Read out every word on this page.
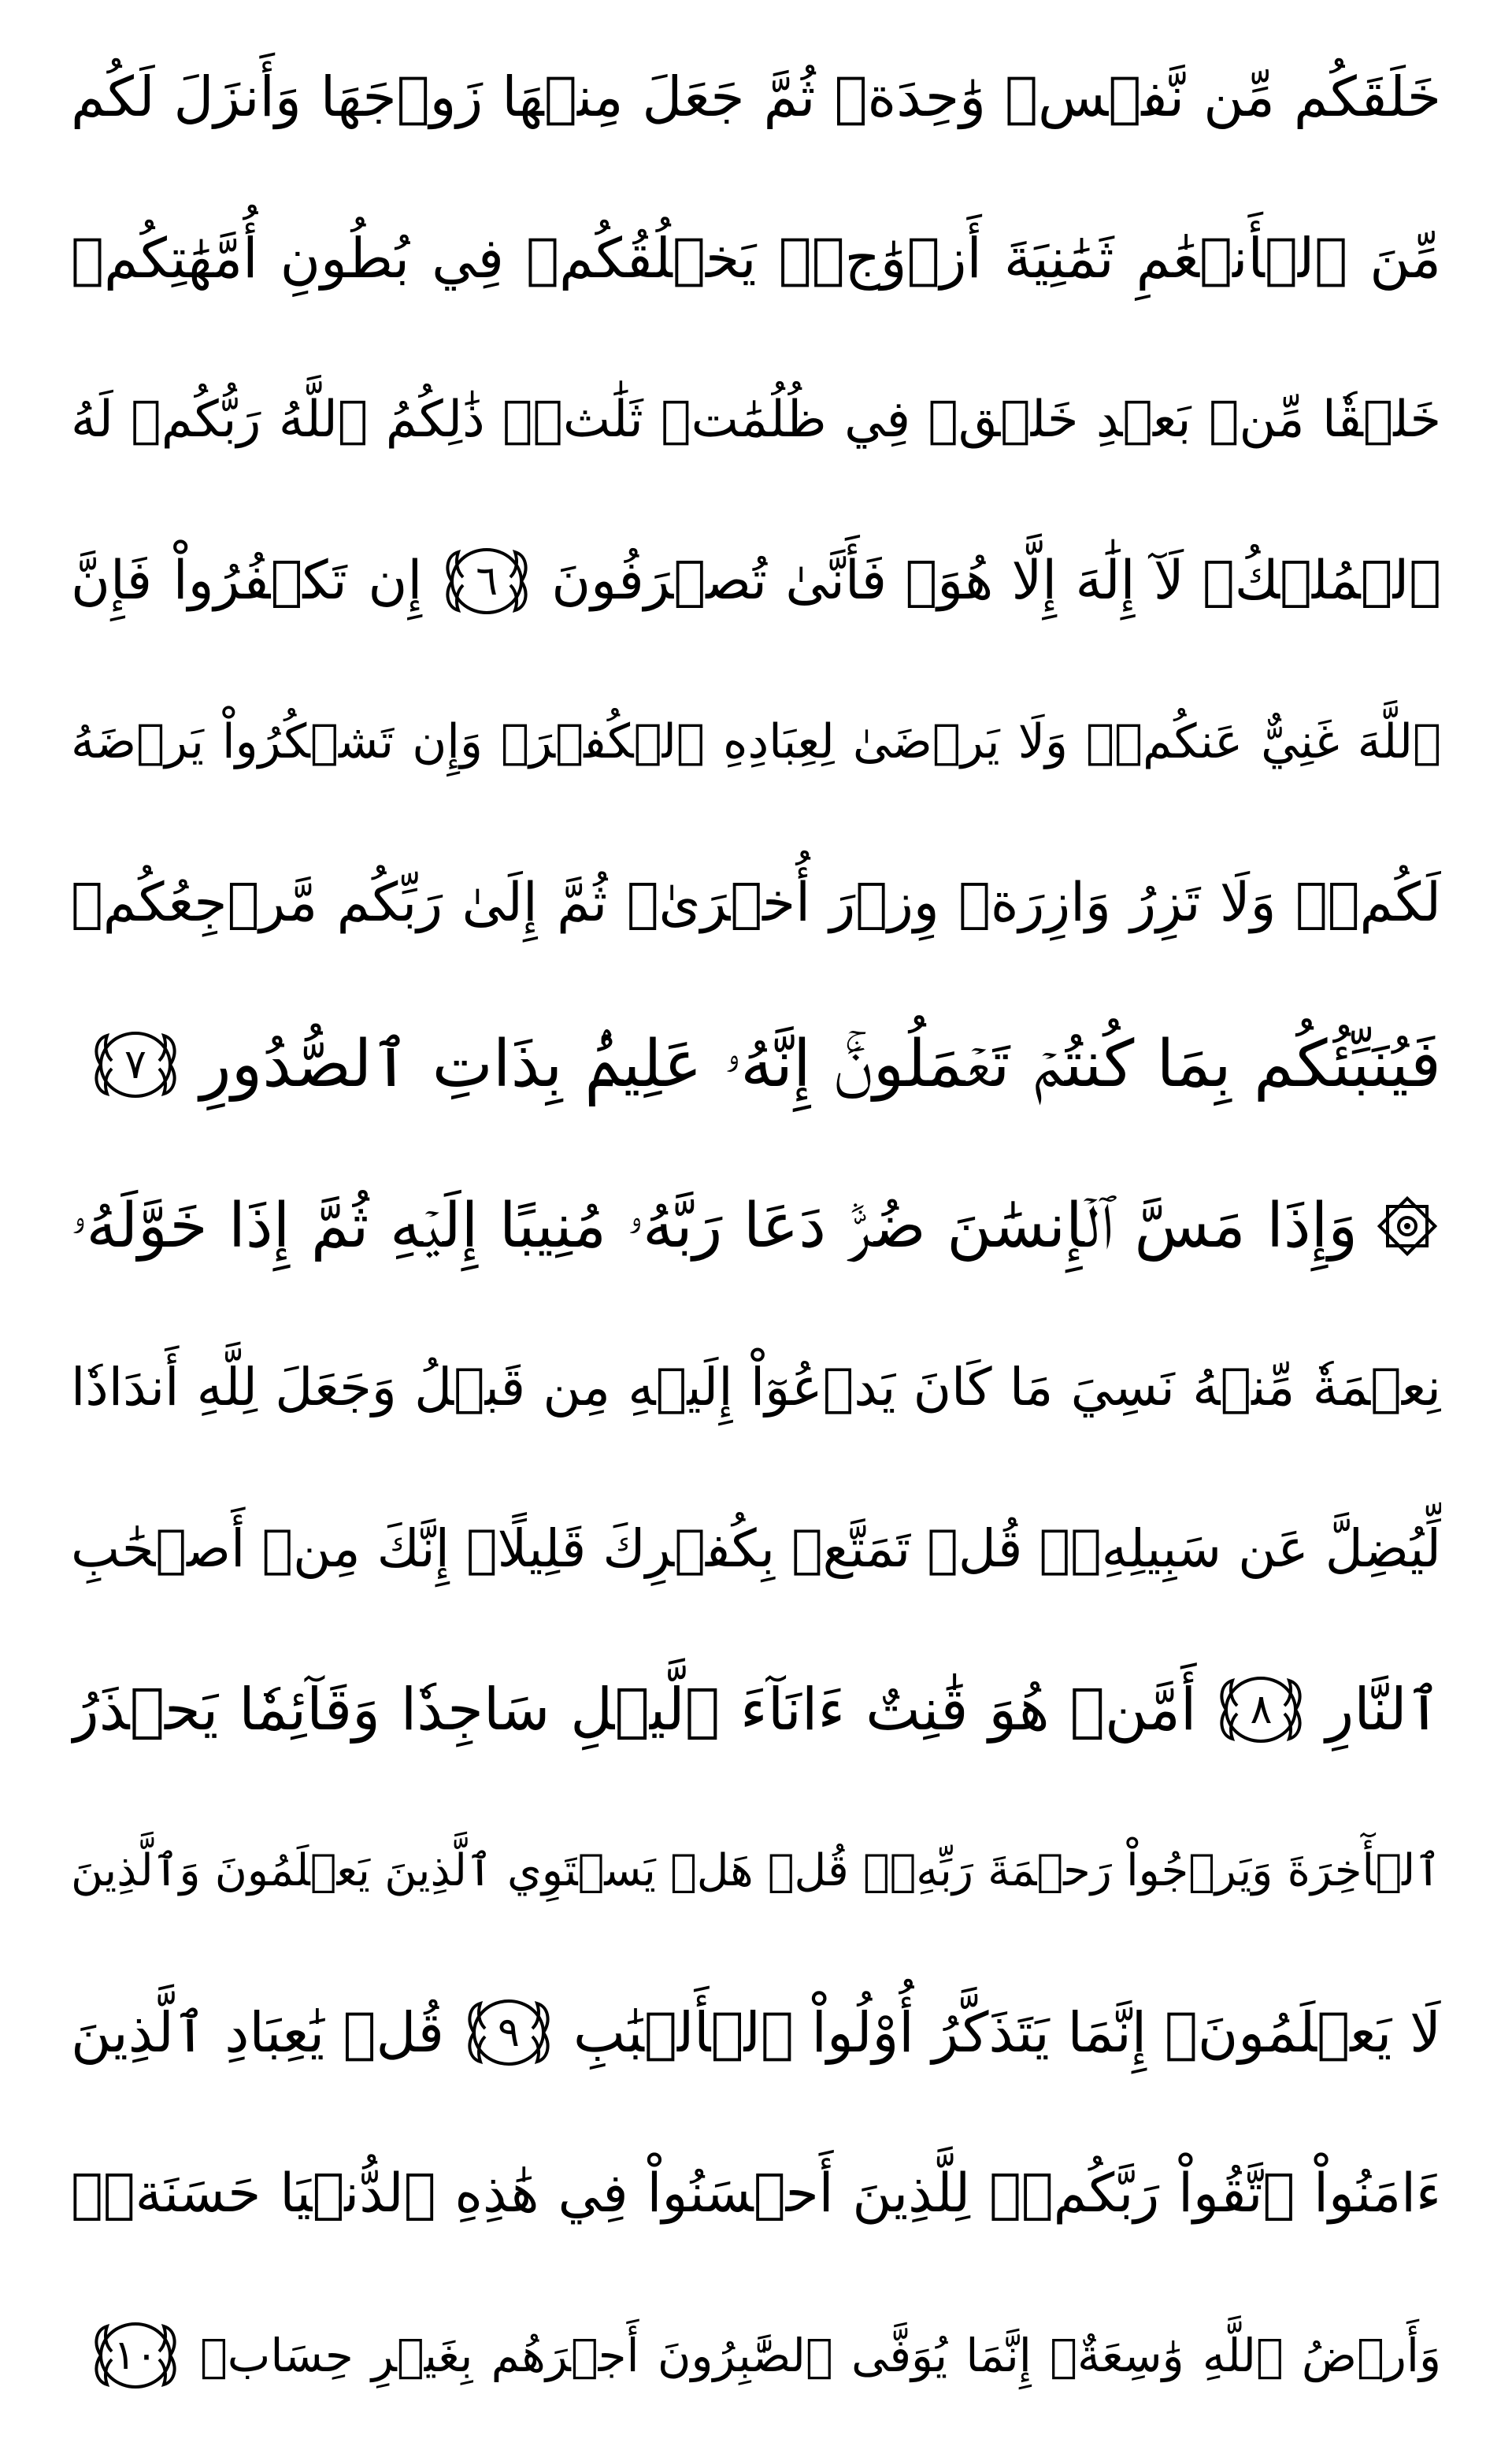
خَلَقَكُم مِّن نَّفۡسٖ وَٰحِدَةٖ ثُمَّ جَعَلَ مِنۡهَا زَوۡجَهَا وَأَنزَلَ لَكُم
مِّنَ ٱلۡأَنۡعَٰمِ ثَمَٰنِيَةَ أَزۡوَٰجٖۚ يَخۡلُقُكُمۡ فِي بُطُونِ أُمَّهَٰتِكُمۡ
خَلۡقٗا مِّنۢ بَعۡدِ خَلۡقٖ فِي ظُلُمَٰتٖ ثَلَٰثٖۚ ذَٰلِكُمُ ٱللَّهُ رَبُّكُمۡ لَهُ
ٱلۡمُلۡكُۖ لَآ إِلَٰهَ إِلَّا هُوَۖ فَأَنَّىٰ تُصۡرَفُونَ
٦
إِن تَكۡفُرُواْ فَإِنَّ
ٱللَّهَ غَنِيٌّ عَنكُمۡۖ وَلَا يَرۡضَىٰ لِعِبَادِهِ ٱلۡكُفۡرَۖ وَإِن تَشۡكُرُواْ يَرۡضَهُ
لَكُمۡۗ وَلَا تَزِرُ وَازِرَةٞ وِزۡرَ أُخۡرَىٰۗ ثُمَّ إِلَىٰ رَبِّكُم مَّرۡجِعُكُمۡ
فَيُنَبِّئُكُم بِمَا كُنتُمۡ تَعۡمَلُونَۚ إِنَّهُۥ عَلِيمُۢ بِذَاتِ ٱلصُّدُورِ
٧
وَإِذَا مَسَّ ٱلۡإِنسَٰنَ ضُرّٞ دَعَا رَبَّهُۥ مُنِيبًا إِلَيۡهِ ثُمَّ إِذَا خَوَّلَهُۥ
نِعۡمَةٗ مِّنۡهُ نَسِيَ مَا كَانَ يَدۡعُوٓاْ إِلَيۡهِ مِن قَبۡلُ وَجَعَلَ لِلَّهِ أَندَادٗا
لِّيُضِلَّ عَن سَبِيلِهِۦۚ قُلۡ تَمَتَّعۡ بِكُفۡرِكَ قَلِيلًاۖ إِنَّكَ مِنۡ أَصۡحَٰبِ
ٱلنَّارِ
٨
أَمَّنۡ هُوَ قَٰنِتٌ ءَانَآءَ ٱلَّيۡلِ سَاجِدٗا وَقَآئِمٗا يَحۡذَرُ
ٱلۡأٓخِرَةَ وَيَرۡجُواْ رَحۡمَةَ رَبِّهِۦۗ قُلۡ هَلۡ يَسۡتَوِي ٱلَّذِينَ يَعۡلَمُونَ وَٱلَّذِينَ
لَا يَعۡلَمُونَۗ إِنَّمَا يَتَذَكَّرُ أُوْلُواْ ٱلۡأَلۡبَٰبِ
٩
قُلۡ يَٰعِبَادِ ٱلَّذِينَ
ءَامَنُواْ ٱتَّقُواْ رَبَّكُمۡۚ لِلَّذِينَ أَحۡسَنُواْ فِي هَٰذِهِ ٱلدُّنۡيَا حَسَنَةٞۗ
وَأَرۡضُ ٱللَّهِ وَٰسِعَةٌۗ إِنَّمَا يُوَفَّى ٱلصَّٰبِرُونَ أَجۡرَهُم بِغَيۡرِ حِسَابٖ
١٠
